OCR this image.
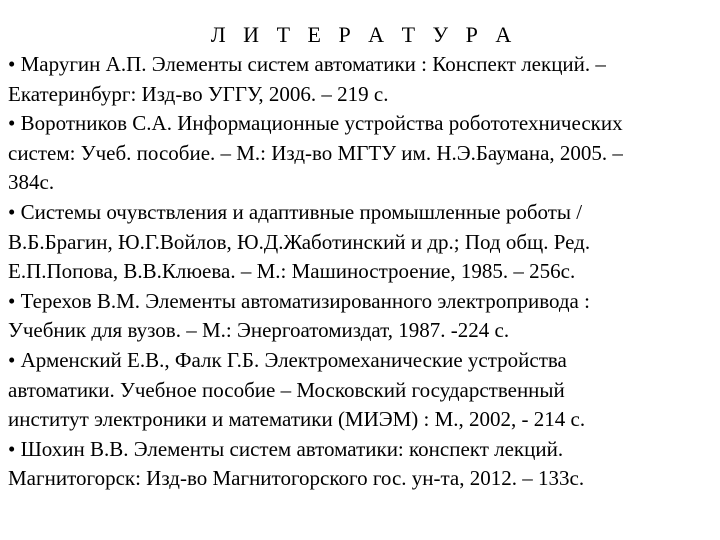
Л И Т Е Р А Т У Р А
• Маругин А.П. Элементы систем автоматики : Конспект лекций. –
Екатеринбург: Изд-во УГГУ, 2006. – 219 с.
• Воротников С.А. Информационные устройства робототехнических
систем: Учеб. пособие. – М.: Изд-во МГТУ им. Н.Э.Баумана, 2005. –
384с.
• Системы очувствления и адаптивные промышленные роботы /
В.Б.Брагин, Ю.Г.Войлов, Ю.Д.Жаботинский и др.; Под общ. Ред.
Е.П.Попова, В.В.Клюева. – М.: Машиностроение, 1985. – 256с.
• Терехов В.М. Элементы автоматизированного электропривода :
Учебник для вузов. – М.: Энергоатомиздат, 1987. -224 с.
• Арменский Е.В., Фалк Г.Б. Электромеханические устройства
автоматики. Учебное пособие – Московский государственный
институт электроники и математики (МИЭМ) : М., 2002, - 214 с.
• Шохин В.В. Элементы систем автоматики: конспект лекций.
Магнитогорск: Изд-во Магнитогорского гос. ун-та, 2012. – 133с.
